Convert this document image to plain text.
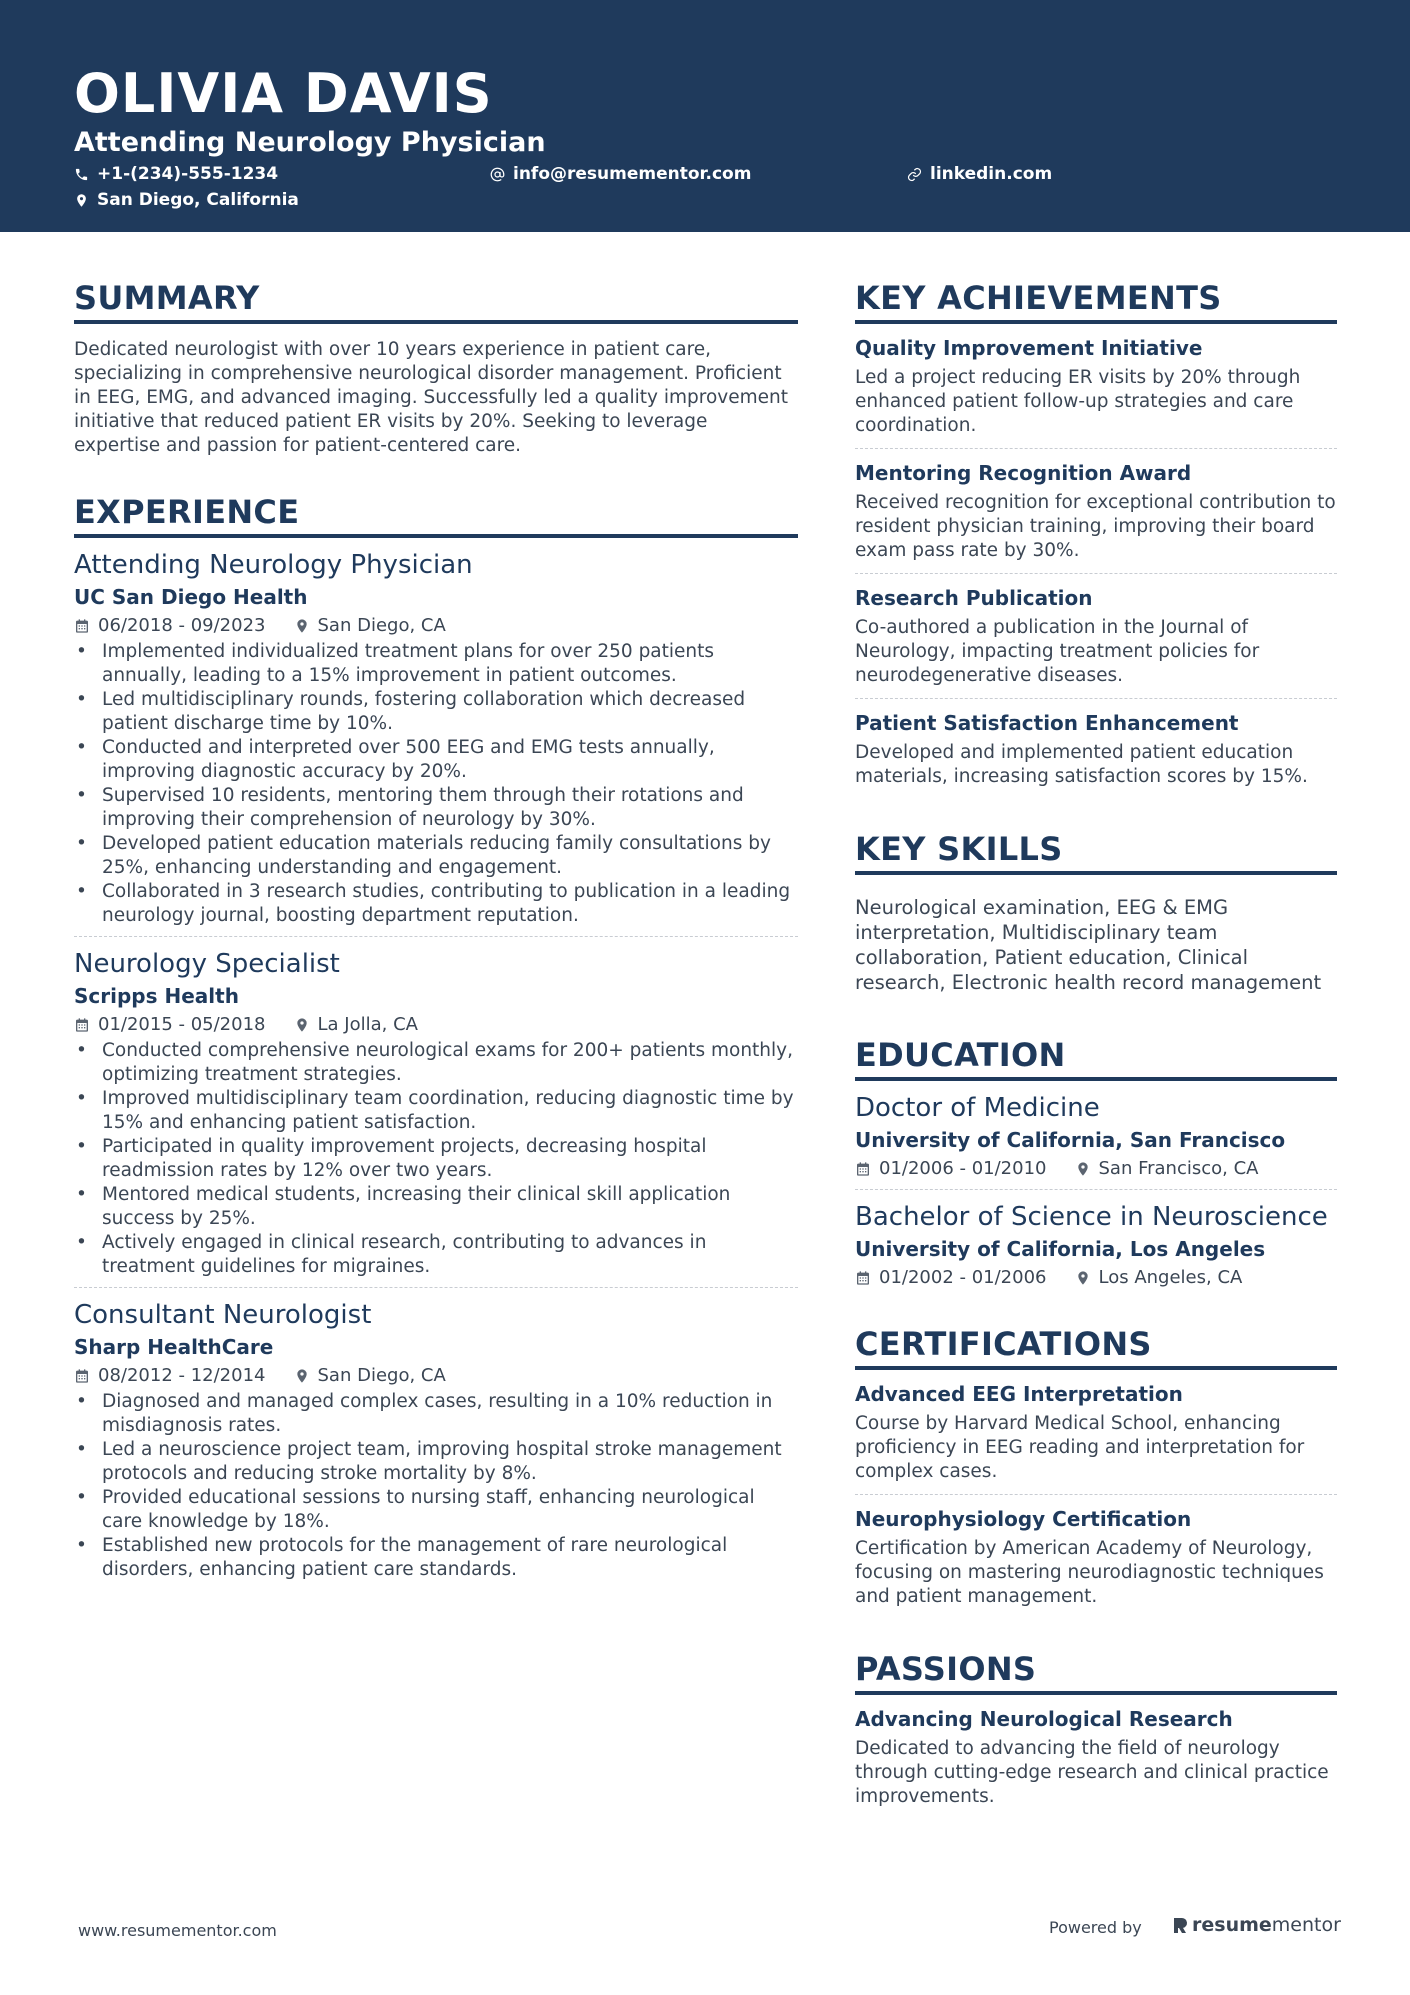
OLIVIA DAVIS
Attending Neurology Physician
+1-(234)-555-1234	info@resumementor.com	linkedin.com
San Diego, California
SUMMARY

Dedicated neurologist with over 10 years experience in patient care, specializing in comprehensive neurological disorder management. Proficient in EEG, EMG, and advanced imaging. Successfully led a quality improvement initiative that reduced patient ER visits by 20%. Seeking to leverage expertise and passion for patient-centered care.

EXPERIENCE
Attending Neurology Physician
UC San Diego Health
06/2018 - 09/2023	San Diego, CA
• Implemented individualized treatment plans for over 250 patients annually, leading to a 15% improvement in patient outcomes.
• Led multidisciplinary rounds, fostering collaboration which decreased patient discharge time by 10%.
• Conducted and interpreted over 500 EEG and EMG tests annually, improving diagnostic accuracy by 20%.
• Supervised 10 residents, mentoring them through their rotations and improving their comprehension of neurology by 30%.
• Developed patient education materials reducing family consultations by 25%, enhancing understanding and engagement.
• Collaborated in 3 research studies, contributing to publication in a leading neurology journal, boosting department reputation.
Neurology Specialist
Scripps Health
01/2015 - 05/2018	La Jolla, CA
• Conducted comprehensive neurological exams for 200+ patients monthly, optimizing treatment strategies.
• Improved multidisciplinary team coordination, reducing diagnostic time by 15% and enhancing patient satisfaction.
• Participated in quality improvement projects, decreasing hospital readmission rates by 12% over two years.
• Mentored medical students, increasing their clinical skill application success by 25%.
• Actively engaged in clinical research, contributing to advances in treatment guidelines for migraines.
Consultant Neurologist
Sharp HealthCare
08/2012 - 12/2014	San Diego, CA
• Diagnosed and managed complex cases, resulting in a 10% reduction in misdiagnosis rates.
• Led a neuroscience project team, improving hospital stroke management protocols and reducing stroke mortality by 8%.
• Provided educational sessions to nursing staff, enhancing neurological care knowledge by 18%.
• Established new protocols for the management of rare neurological disorders, enhancing patient care standards.
KEY ACHIEVEMENTS
Quality Improvement Initiative
Led a project reducing ER visits by 20% through enhanced patient follow-up strategies and care coordination.
Mentoring Recognition Award
Received recognition for exceptional contribution to resident physician training, improving their board exam pass rate by 30%.
Research Publication
Co-authored a publication in the Journal of Neurology, impacting treatment policies for neurodegenerative diseases.
Patient Satisfaction Enhancement
Developed and implemented patient education materials, increasing satisfaction scores by 15%.
KEY SKILLS

Neurological examination, EEG & EMG interpretation, Multidisciplinary team collaboration, Patient education, Clinical research, Electronic health record management

EDUCATION
Doctor of Medicine
University of California, San Francisco
01/2006 - 01/2010	San Francisco, CA
Bachelor of Science in Neuroscience
University of California, Los Angeles
01/2002 - 01/2006	Los Angeles, CA
CERTIFICATIONS
Advanced EEG Interpretation
Course by Harvard Medical School, enhancing proficiency in EEG reading and interpretation for complex cases.
Neurophysiology Certification
Certification by American Academy of Neurology, focusing on mastering neurodiagnostic techniques and patient management.
PASSIONS
Advancing Neurological Research
Dedicated to advancing the field of neurology through cutting-edge research and clinical practice improvements.
www.resumementor.com	Powered by	resumementor
